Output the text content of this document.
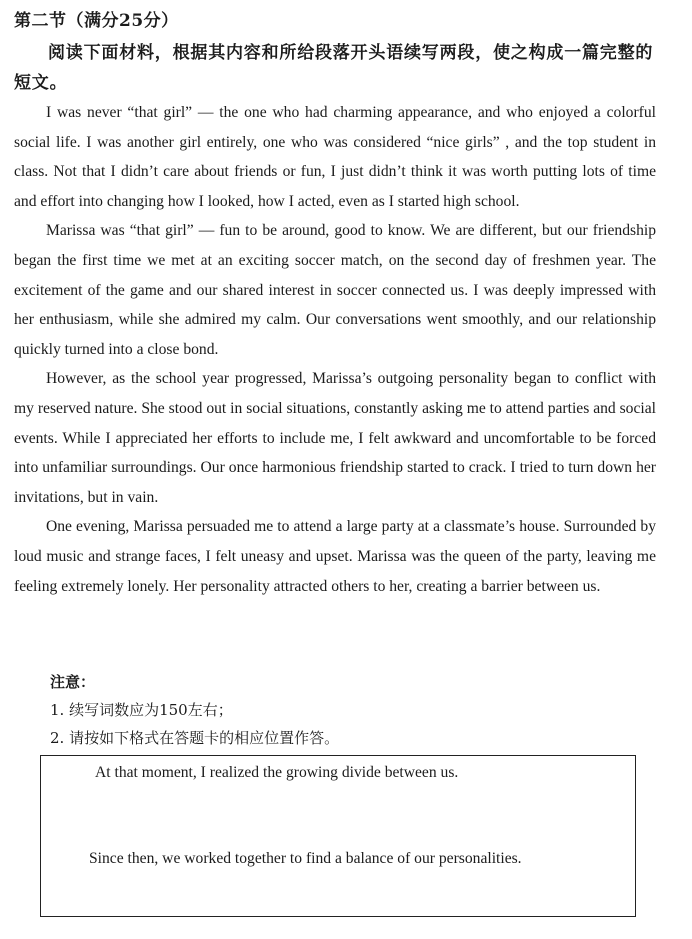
第二节（满分25分）
阅读下面材料，根据其内容和所给段落开头语续写两段，使之构成一篇完整的短文。

I was never “that girl” — the one who had charming appearance, and who enjoyed a colorful social life. I was another girl entirely, one who was considered “nice girls” , and the top student in class. Not that I didn’t care about friends or fun, I just didn’t think it was worth putting lots of time and effort into changing how I looked, how I acted, even as I started high school.

Marissa was “that girl” — fun to be around, good to know. We are different, but our friendship began the first time we met at an exciting soccer match, on the second day of freshmen year. The excitement of the game and our shared interest in soccer connected us. I was deeply impressed with her enthusiasm, while she admired my calm. Our conversations went smoothly, and our relationship quickly turned into a close bond.

However, as the school year progressed, Marissa’s outgoing personality began to conflict with my reserved nature. She stood out in social situations, constantly asking me to attend parties and social events. While I appreciated her efforts to include me, I felt awkward and uncomfortable to be forced into unfamiliar surroundings. Our once harmonious friendship started to crack. I tried to turn down her invitations, but in vain.

One evening, Marissa persuaded me to attend a large party at a classmate’s house. Surrounded by loud music and strange faces, I felt uneasy and upset. Marissa was the queen of the party, leaving me feeling extremely lonely. Her personality attracted others to her, creating a barrier between us.

注意：
1. 续写词数应为150左右；
2. 请按如下格式在答题卡的相应位置作答。
At that moment, I realized the growing divide between us.
Since then, we worked together to find a balance of our personalities.
